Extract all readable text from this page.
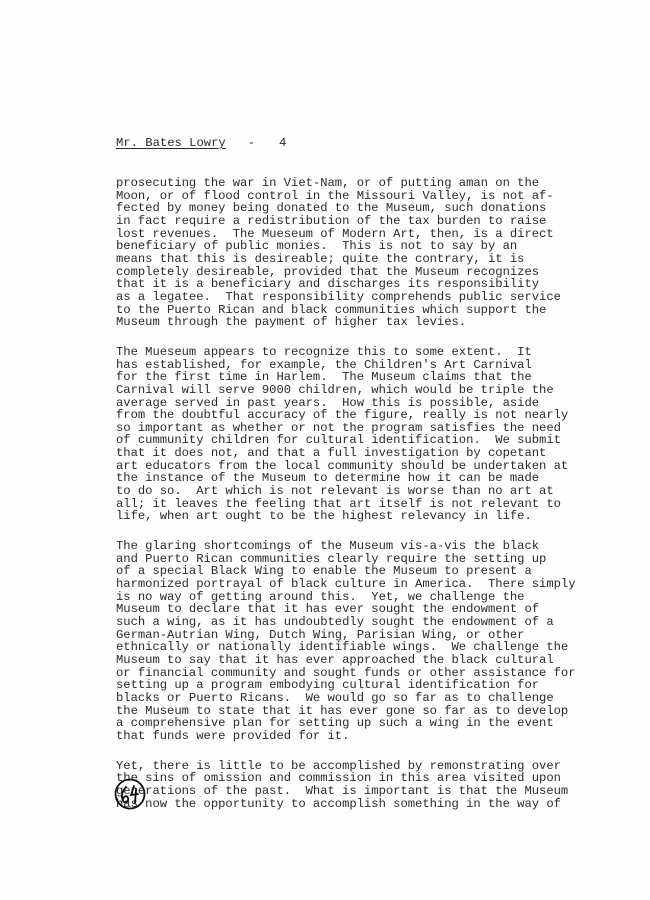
Mr. Bates Lowry - 4

prosecuting the war in Viet-Nam, or of putting aman on the
Moon, or of flood control in the Missouri Valley, is not af-
fected by money being donated to the Museum, such donations
in fact require a redistribution of the tax burden to raise
lost revenues.  The Mueseum of Modern Art, then, is a direct
beneficiary of public monies.  This is not to say by an
means that this is desireable; quite the contrary, it is
completely desireable, provided that the Museum recognizes
that it is a beneficiary and discharges its responsibility
as a legatee.  That responsibility comprehends public service
to the Puerto Rican and black communities which support the
Museum through the payment of higher tax levies.

The Mueseum appears to recognize this to some extent.  It
has established, for example, the Children's Art Carnival
for the first time in Harlem.  The Museum claims that the
Carnival will serve 9000 children, which would be triple the
average served in past years.  How this is possible, aside
from the doubtful accuracy of the figure, really is not nearly
so important as whether or not the program satisfies the need
of cummunity children for cultural identification.  We submit
that it does not, and that a full investigation by copetant
art educators from the local community should be undertaken at
the instance of the Museum to determine how it can be made
to do so.  Art which is not relevant is worse than no art at
all; it leaves the feeling that art itself is not relevant to
life, when art ought to be the highest relevancy in life.

The glaring shortcomings of the Museum vis-a-vis the black
and Puerto Rican communities clearly require the setting up
of a special Black Wing to enable the Museum to present a
harmonized portrayal of black culture in America.  There simply
is no way of getting around this.  Yet, we challenge the
Museum to declare that it has ever sought the endowment of
such a wing, as it has undoubtedly sought the endowment of a
German-Autrian Wing, Dutch Wing, Parisian Wing, or other
ethnically or nationally identifiable wings.  We challenge the
Museum to say that it has ever approached the black cultural
or financial community and sought funds or other assistance for
setting up a program embodying cultural identification for
blacks or Puerto Ricans.  We would go so far as to challenge
the Museum to state that it has ever gone so far as to develop
a comprehensive plan for setting up such a wing in the event
that funds were provided for it.

Yet, there is little to be accomplished by remonstrating over
the sins of omission and commission in this area visited upon
generations of the past.  What is important is that the Museum
has now the opportunity to accomplish something in the way of
